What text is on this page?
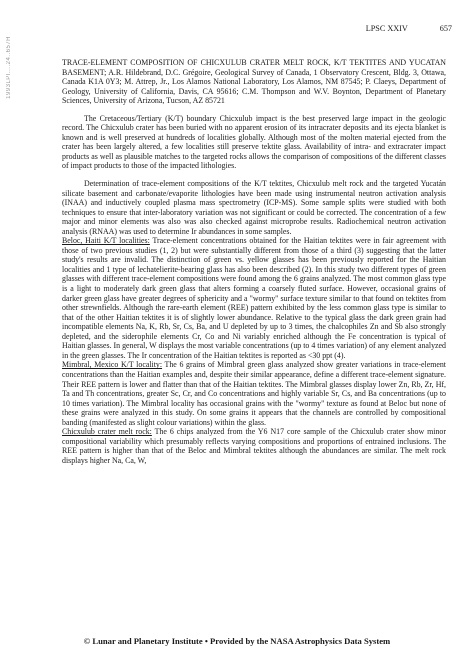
1993LPI....24..657H
LPSC XXIV	657
TRACE-ELEMENT COMPOSITION OF CHICXULUB CRATER MELT ROCK, K/T TEKTITES AND YUCATAN BASEMENT; A.R. Hildebrand, D.C. Grégoire, Geological Survey of Canada, 1 Observatory Crescent, Bldg. 3, Ottawa, Canada K1A 0Y3; M. Attrep, Jr., Los Alamos National Laboratory, Los Alamos, NM 87545; P. Claeys, Department of Geology, University of California, Davis, CA 95616; C.M. Thompson and W.V. Boynton, Department of Planetary Sciences, University of Arizona, Tucson, AZ 85721

The Cretaceous/Tertiary (K/T) boundary Chicxulub impact is the best preserved large impact in the geologic record. The Chicxulub crater has been buried with no apparent erosion of its intracrater deposits and its ejecta blanket is known and is well preserved at hundreds of localities globally. Although most of the molten material ejected from the crater has been largely altered, a few localities still preserve tektite glass. Availability of intra- and extracrater impact products as well as plausible matches to the targeted rocks allows the comparison of compositions of the different classes of impact products to those of the impacted lithologies.

Determination of trace-element compositions of the K/T tektites, Chicxulub melt rock and the targeted Yucatán silicate basement and carbonate/evaporite lithologies have been made using instrumental neutron activation analysis (INAA) and inductively coupled plasma mass spectrometry (ICP-MS). Some sample splits were studied with both techniques to ensure that inter-laboratory variation was not significant or could be corrected. The concentration of a few major and minor elements was also was also checked against microprobe results. Radiochemical neutron activation analysis (RNAA) was used to determine Ir abundances in some samples.

Beloc, Haiti K/T localities: Trace-element concentrations obtained for the Haitian tektites were in fair agreement with those of two previous studies (1, 2) but were substantially different from those of a third (3) suggesting that the latter study's results are invalid. The distinction of green vs. yellow glasses has been previously reported for the Haitian localities and 1 type of lechatelierite-bearing glass has also been described (2). In this study two different types of green glasses with different trace-element compositions were found among the 6 grains analyzed. The most common glass type is a light to moderately dark green glass that alters forming a coarsely fluted surface. However, occasional grains of darker green glass have greater degrees of sphericity and a "wormy" surface texture similar to that found on tektites from other strewnfields. Although the rare-earth element (REE) pattern exhibited by the less common glass type is similar to that of the other Haitian tektites it is of slightly lower abundance. Relative to the typical glass the dark green grain had incompatible elements Na, K, Rb, Sr, Cs, Ba, and U depleted by up to 3 times, the chalcophiles Zn and Sb also strongly depleted, and the siderophile elements Cr, Co and Ni variably enriched although the Fe concentration is typical of Haitian glasses. In general, W displays the most variable concentrations (up to 4 times variation) of any element analyzed in the green glasses. The Ir concentration of the Haitian tektites is reported as <30 ppt (4).

Mimbral, Mexico K/T locality: The 6 grains of Mimbral green glass analyzed show greater variations in trace-element concentrations than the Haitian examples and, despite their similar appearance, define a different trace-element signature. Their REE pattern is lower and flatter than that of the Haitian tektites. The Mimbral glasses display lower Zn, Rb, Zr, Hf, Ta and Th concentrations, greater Sc, Cr, and Co concentrations and highly variable Sr, Cs, and Ba concentrations (up to 10 times variation). The Mimbral locality has occasional grains with the "wormy" texture as found at Beloc but none of these grains were analyzed in this study. On some grains it appears that the channels are controlled by compositional banding (manifested as slight colour variations) within the glass.

Chicxulub crater melt rock: The 6 chips analyzed from the Y6 N17 core sample of the Chicxulub crater show minor compositional variability which presumably reflects varying compositions and proportions of entrained inclusions. The REE pattern is higher than that of the Beloc and Mimbral tektites although the abundances are similar. The melt rock displays higher Na, Ca, W,

© Lunar and Planetary Institute • Provided by the NASA Astrophysics Data System
